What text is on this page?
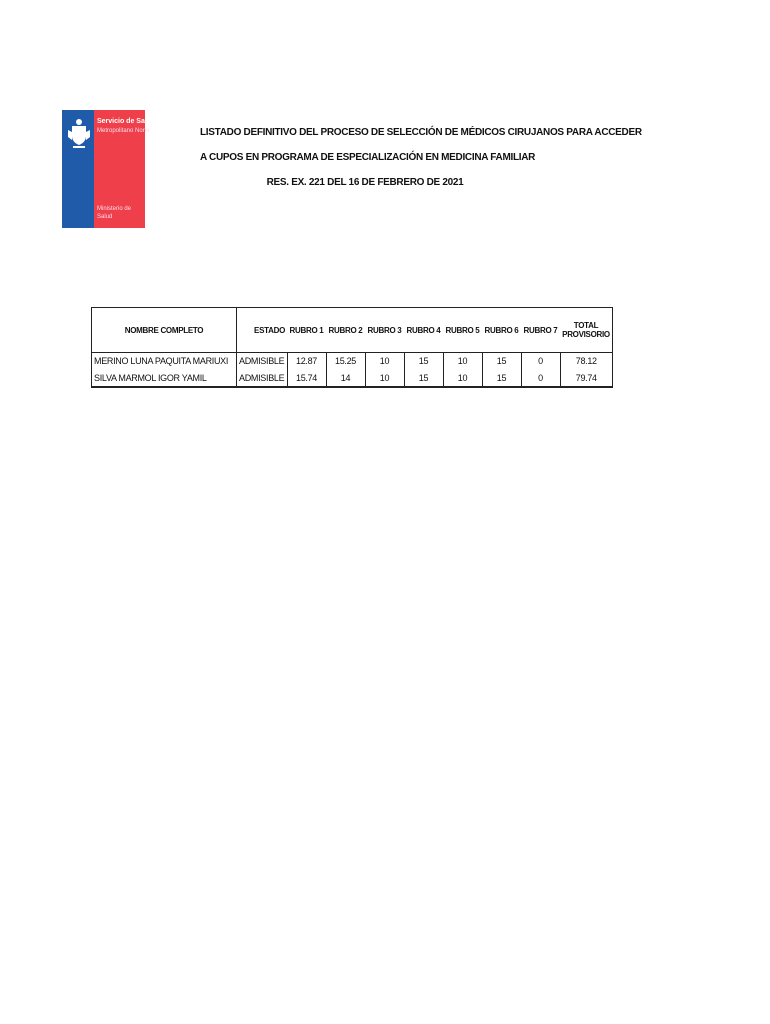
Servicio de Salud
Metropolitano Norte
Ministerio de Salud
LISTADO DEFINITIVO DEL PROCESO DE SELECCIÓN DE MÉDICOS CIRUJANOS PARA ACCEDER
A CUPOS EN PROGRAMA DE ESPECIALIZACIÓN EN MEDICINA FAMILIAR
RES. EX. 221 DEL 16 DE FEBRERO DE 2021
NOMBRE COMPLETO	ESTADO	RUBRO 1	RUBRO 2	RUBRO 3	RUBRO 4	RUBRO 5	RUBRO 6	RUBRO 7	TOTAL
PROVISORIO
MERINO LUNA PAQUITA MARIUXI	ADMISIBLE	12.87	15.25	10	15	10	15	0	78.12
SILVA MARMOL IGOR YAMIL	ADMISIBLE	15.74	14	10	15	10	15	0	79.74
